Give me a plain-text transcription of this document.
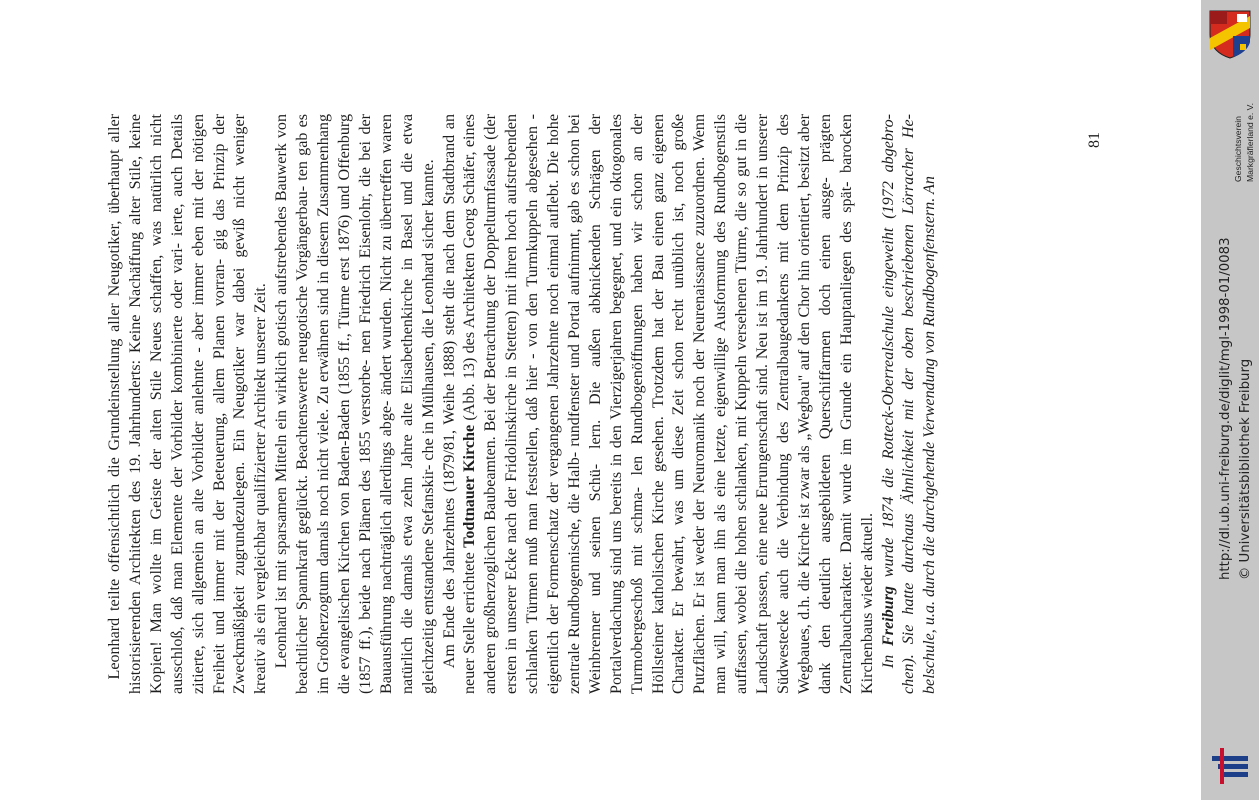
Leonhard teilte offensichtlich die Grundeinstellung aller Neugotiker, überhaupt aller historisierenden Architekten des 19. Jahrhunderts: Keine Nachäffung alter Stile, keine Kopien! Man wollte im Geiste der alten Stile Neues schaffen, was natürlich nicht ausschloß, daß man Elemente der Vorbilder kombinierte oder vari- ierte, auch Details zitierte, sich allgemein an alte Vorbilder anlehnte - aber immer eben mit der nötigen Freiheit und immer mit der Beteuerung, allem Planen vorran- gig das Prinzip der Zweckmäßigkeit zugrundezulegen. Ein Neugotiker war dabei gewiß nicht weniger kreativ als ein vergleichbar qualifizierter Architekt unserer Zeit. Leonhard ist mit sparsamen Mitteln ein wirklich gotisch aufstrebendes Bauwerk von beachtlicher Spannkraft geglückt. Beachtenswerte neugotische Vorgängerbau- ten gab es im Großherzogtum damals noch nicht viele. Zu erwähnen sind in diesem Zusammenhang die evangelischen Kirchen von Baden-Baden (1855 ff., Türme erst 1876) und Offenburg (1857 ff.), beide nach Plänen des 1855 verstorbe- nen Friedrich Eisenlohr, die bei der Bauausführung nachträglich allerdings abge- ändert wurden. Nicht zu übertreffen waren natürlich die damals etwa zehn Jahre alte Elisabethenkirche in Basel und die etwa gleichzeitig entstandene Stefanskir- che in Mülhausen, die Leonhard sicher kannte. Am Ende des Jahrzehntes (1879/81, Weihe 1888) steht die nach dem Stadtbrand an neuer Stelle errichtete Todtnauer Kirche (Abb. 13) des Architekten Georg Schäfer, eines anderen großherzoglichen Baubeamten. Bei der Betrachtung der Doppelturmfassade (der ersten in unserer Ecke nach der Fridolinskirche in Stetten) mit ihren hoch aufstrebenden schlanken Türmen muß man feststellen, daß hier - von den Turmkuppeln abgesehen - eigentlich der Formenschatz der vergangenen Jahrzehnte noch einmal auflebt. Die hohe zentrale Rundbogennische, die Halb- rundfenster und Portal aufnimmt, gab es schon bei Weinbrenner und seinen Schü- lern. Die außen abknickenden Schrägen der Portalverdachung sind uns bereits in den Vierzigerjahren begegnet, und ein oktogonales Turmobergeschoß mit schma- len Rundbogenöffnungen haben wir schon an der Höllsteiner katholischen Kirche gesehen. Trotzdem hat der Bau einen ganz eigenen Charakter. Er bewahrt, was um diese Zeit schon recht unüblich ist, noch große Putzflächen. Er ist weder der Neuromanik noch der Neurenaissance zuzuordnen. Wenn man will, kann man ihn als eine letzte, eigenwillige Ausformung des Rundbogenstils auffassen, wobei die hohen schlanken, mit Kuppeln versehenen Türme, die so gut in die Landschaft passen, eine neue Errungenschaft sind. Neu ist im 19. Jahrhundert in unserer Südwestecke auch die Verbindung des Zentralbaugedankens mit dem Prinzip des Wegbaues, d.h. die Kirche ist zwar als „Wegbau" auf den Chor hin orientiert, besitzt aber dank den deutlich ausgebildeten Querschiffarmen doch einen ausge- prägten Zentralbaucharakter. Damit wurde im Grunde ein Hauptanliegen des spät- barocken Kirchenbaus wieder aktuell. In Freiburg wurde 1874 die Rotteck-Oberrealschule eingeweiht (1972 abgebro- chen). Sie hatte durchaus Ähnlichkeit mit der oben beschriebenen Lörracher He- belschule, u.a. durch die durchgehende Verwendung von Rundbogenfenstern. An

81	Geschichtsverein Markgräflerland e. V.
http://dl.ub.uni-freiburg.de/diglit/mgl-1998-01/0083 © Universitätsbibliothek Freiburg
